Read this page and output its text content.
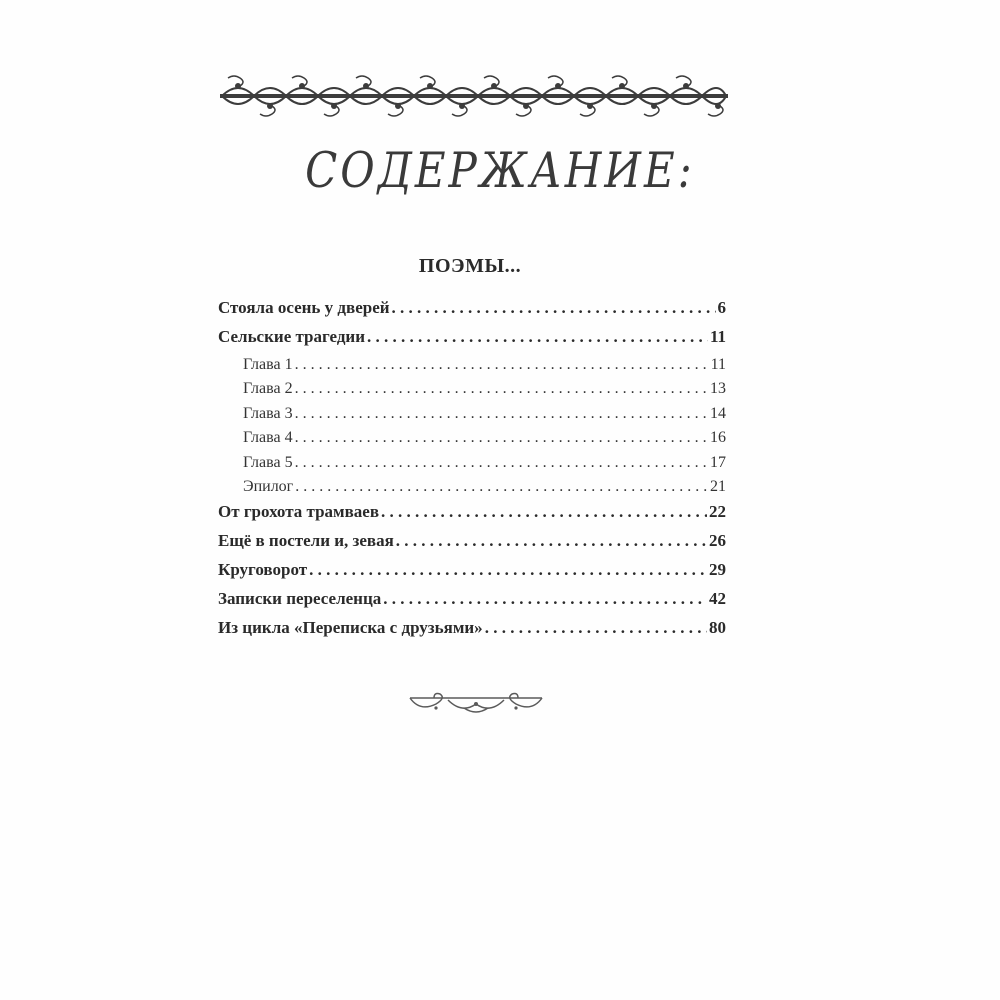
СОДЕРЖАНИЕ:
ПОЭМЫ...
Стояла осень у дверей . . .	6
Сельские трагедии . . .	11
Глава 1 . . .	11
Глава 2 . . .	13
Глава 3 . . .	14
Глава 4 . . .	16
Глава 5 . . .	17
Эпилог . . .	21
От грохота трамваев . . .	22
Ещё в постели и, зевая . . .	26
Круговорот . . .	29
Записки переселенца . . .	42
Из цикла «Переписка с друзьями» . . .	80
